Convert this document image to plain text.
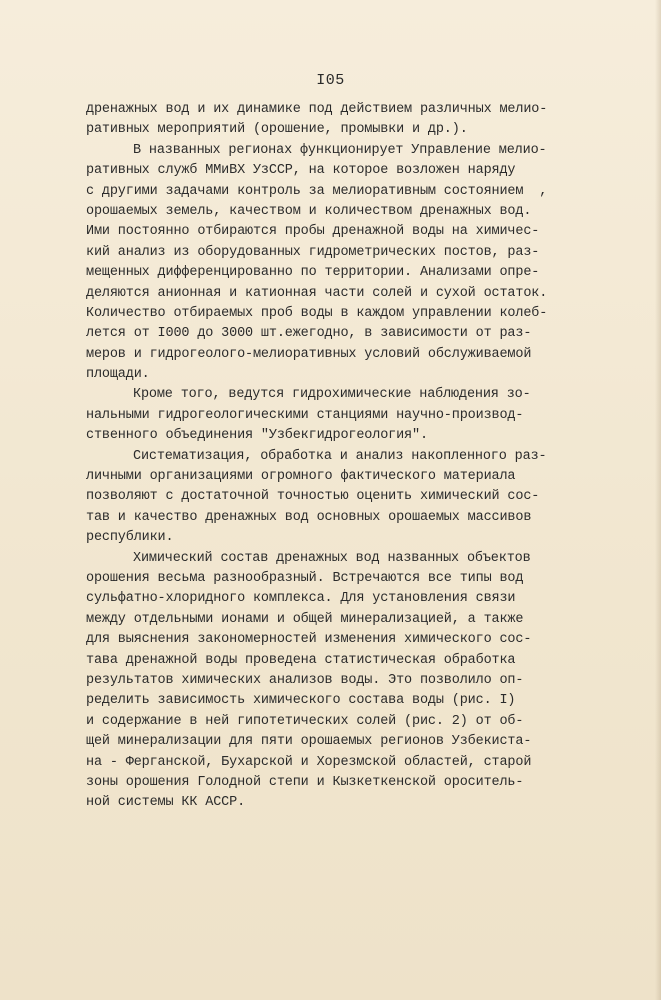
I05
дренажных вод и их динамике под действием различных мелио-
ративных мероприятий (орошение, промывки и др.).
В названных регионах функционирует Управление мелио-
ративных служб ММиВХ УзССР, на которое возложен наряду
с другими задачами контроль за мелиоративным состоянием  ,
орошаемых земель, качеством и количеством дренажных вод.
Ими постоянно отбираются пробы дренажной воды на химичес-
кий анализ из оборудованных гидрометрических постов, раз-
мещенных дифференцированно по территории. Анализами опре-
деляются анионная и катионная части солей и сухой остаток.
Количество отбираемых проб воды в каждом управлении колеб-
лется от I000 до 3000 шт.ежегодно, в зависимости от раз-
меров и гидрогеолого-мелиоративных условий обслуживаемой
площади.
Кроме того, ведутся гидрохимические наблюдения зо-
нальными гидрогеологическими станциями научно-производ-
ственного объединения "Узбекгидрогеология".
Систематизация, обработка и анализ накопленного раз-
личными организациями огромного фактического материала
позволяют с достаточной точностью оценить химический сос-
тав и качество дренажных вод основных орошаемых массивов
республики.
Химический состав дренажных вод названных объектов
орошения весьма разнообразный. Встречаются все типы вод
сульфатно-хлоридного комплекса. Для установления связи
между отдельными ионами и общей минерализацией, а также
для выяснения закономерностей изменения химического сос-
тава дренажной воды проведена статистическая обработка
результатов химических анализов воды. Это позволило оп-
ределить зависимость химического состава воды (рис. I)
и содержание в ней гипотетических солей (рис. 2) от об-
щей минерализации для пяти орошаемых регионов Узбекиста-
на - Ферганской, Бухарской и Хорезмской областей, старой
зоны орошения Голодной степи и Кызкеткенской ороситель-
ной системы КК АССР.
